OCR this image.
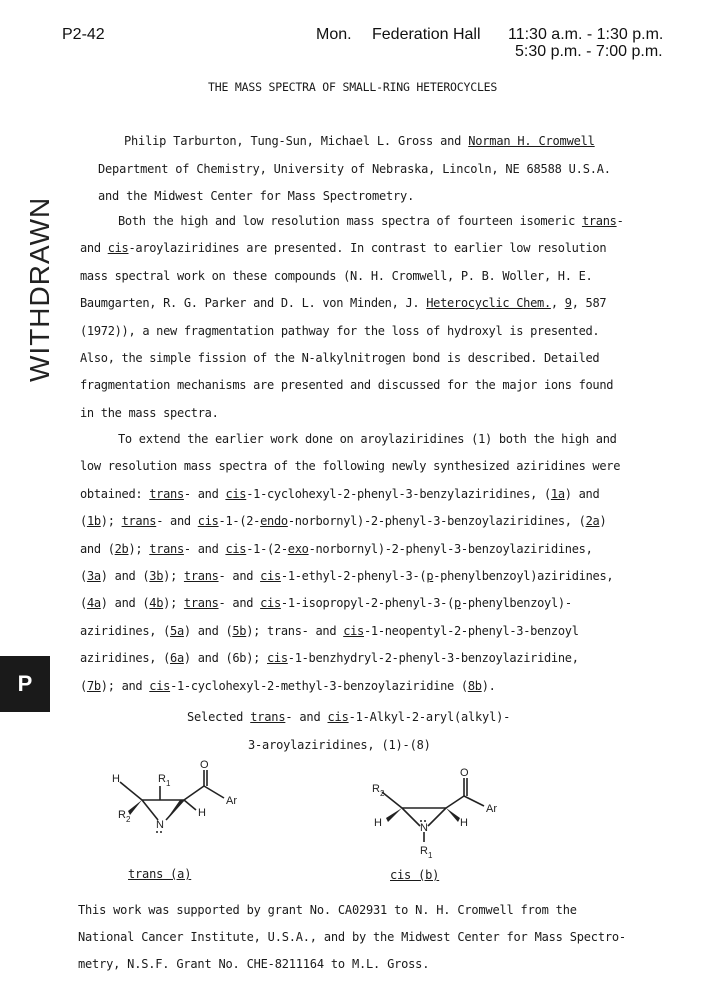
P2-42	Mon. Federation Hall 11:30 a.m. - 1:30 p.m.
5:30 p.m. - 7:00 p.m.
THE MASS SPECTRA OF SMALL-RING HETEROCYCLES
Philip Tarburton, Tung-Sun, Michael L. Gross and Norman H. Cromwell
Department of Chemistry, University of Nebraska, Lincoln, NE 68588 U.S.A.
and the Midwest Center for Mass Spectrometry.
WITHDRAWN
P
Both the high and low resolution mass spectra of fourteen isomeric trans-
and cis-aroylaziridines are presented. In contrast to earlier low resolution
mass spectral work on these compounds (N. H. Cromwell, P. B. Woller, H. E.
Baumgarten, R. G. Parker and D. L. von Minden, J. Heterocyclic Chem., 9, 587
(1972)), a new fragmentation pathway for the loss of hydroxyl is presented.
Also, the simple fission of the N-alkylnitrogen bond is described. Detailed
fragmentation mechanisms are presented and discussed for the major ions found
in the mass spectra.
To extend the earlier work done on aroylaziridines (1) both the high and
low resolution mass spectra of the following newly synthesized aziridines were
obtained: trans- and cis-1-cyclohexyl-2-phenyl-3-benzylaziridines, (1a) and
(1b); trans- and cis-1-(2-endo-norbornyl)-2-phenyl-3-benzoylaziridines, (2a)
and (2b); trans- and cis-1-(2-exo-norbornyl)-2-phenyl-3-benzoylaziridines,
(3a) and (3b); trans- and cis-1-ethyl-2-phenyl-3-(p-phenylbenzoyl)aziridines,
(4a) and (4b); trans- and cis-1-isopropyl-2-phenyl-3-(p-phenylbenzoyl)-
aziridines, (5a) and (5b); trans- and cis-1-neopentyl-2-phenyl-3-benzoyl
aziridines, (6a) and (6b); cis-1-benzhydryl-2-phenyl-3-benzoylaziridine,
(7b); and cis-1-cyclohexyl-2-methyl-3-benzoylaziridine (8b).
Selected trans- and cis-1-Alkyl-2-aryl(alkyl)-
3-aroylaziridines, (1)-(8)
H	R 1
R 2 N
O
Ar
H
R 2
H	H
N
R 1
O
Ar
trans (a)	cis (b)
This work was supported by grant No. CA02931 to N. H. Cromwell from the
National Cancer Institute, U.S.A., and by the Midwest Center for Mass Spectro-
metry, N.S.F. Grant No. CHE-8211164 to M.L. Gross.
